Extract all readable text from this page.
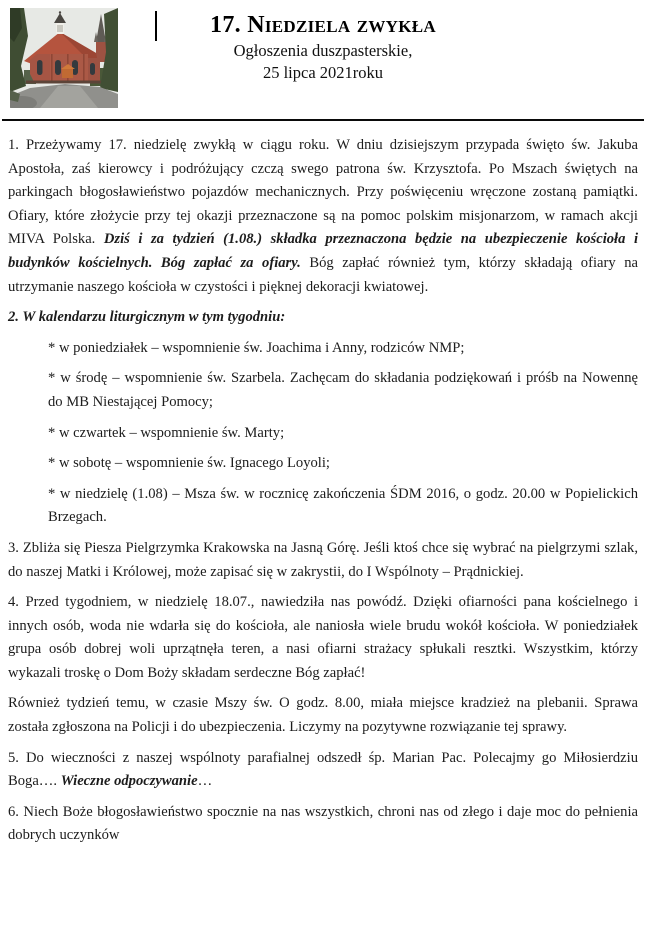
17. Niedziela zwykła
Ogłoszenia duszpasterskie,
25 lipca 2021roku

1. Przeżywamy 17. niedzielę zwykłą w ciągu roku. W dniu dzisiejszym przypada święto św. Jakuba Apostoła, zaś kierowcy i podróżujący czczą swego patrona św. Krzysztofa. Po Mszach świętych na parkingach błogosławieństwo pojazdów mechanicznych. Przy poświęceniu wręczone zostaną pamiątki. Ofiary, które złożycie przy tej okazji przeznaczone są na pomoc polskim misjonarzom, w ramach akcji MIVA Polska. Dziś i za tydzień (1.08.) składka przeznaczona będzie na ubezpieczenie kościoła i budynków kościelnych. Bóg zapłać za ofiary. Bóg zapłać również tym, którzy składają ofiary na utrzymanie naszego kościoła w czystości i pięknej dekoracji kwiatowej.

2. W kalendarzu liturgicznym w tym tygodniu:

* w poniedziałek – wspomnienie św. Joachima i Anny, rodziców NMP;

* w środę – wspomnienie św. Szarbela. Zachęcam do składania podziękowań i próśb na Nowennę do MB Niestającej Pomocy;

* w czwartek – wspomnienie św. Marty;

* w sobotę – wspomnienie św. Ignacego Loyoli;

* w niedzielę (1.08) – Msza św. w rocznicę zakończenia ŚDM 2016, o godz. 20.00 w Popielickich Brzegach.

3. Zbliża się Piesza Pielgrzymka Krakowska na Jasną Górę. Jeśli ktoś chce się wybrać na pielgrzymi szlak, do naszej Matki i Królowej, może zapisać się w zakrystii, do I Wspólnoty – Prądnickiej.

4. Przed tygodniem, w niedzielę 18.07., nawiedziła nas powódź. Dzięki ofiarności pana kościelnego i innych osób, woda nie wdarła się do kościoła, ale naniosła wiele brudu wokół kościoła. W poniedziałek grupa osób dobrej woli uprzątnęła teren, a nasi ofiarni strażacy spłukali resztki. Wszystkim, którzy wykazali troskę o Dom Boży składam serdeczne Bóg zapłać!

Również tydzień temu, w czasie Mszy św. O godz. 8.00, miała miejsce kradzież na plebanii. Sprawa została zgłoszona na Policji i do ubezpieczenia. Liczymy na pozytywne rozwiązanie tej sprawy.

5. Do wieczności z naszej wspólnoty parafialnej odszedł śp. Marian Pac. Polecajmy go Miłosierdziu Boga…. Wieczne odpoczywanie…

6. Niech Boże błogosławieństwo spocznie na nas wszystkich, chroni nas od złego i daje moc do pełnienia dobrych uczynków
